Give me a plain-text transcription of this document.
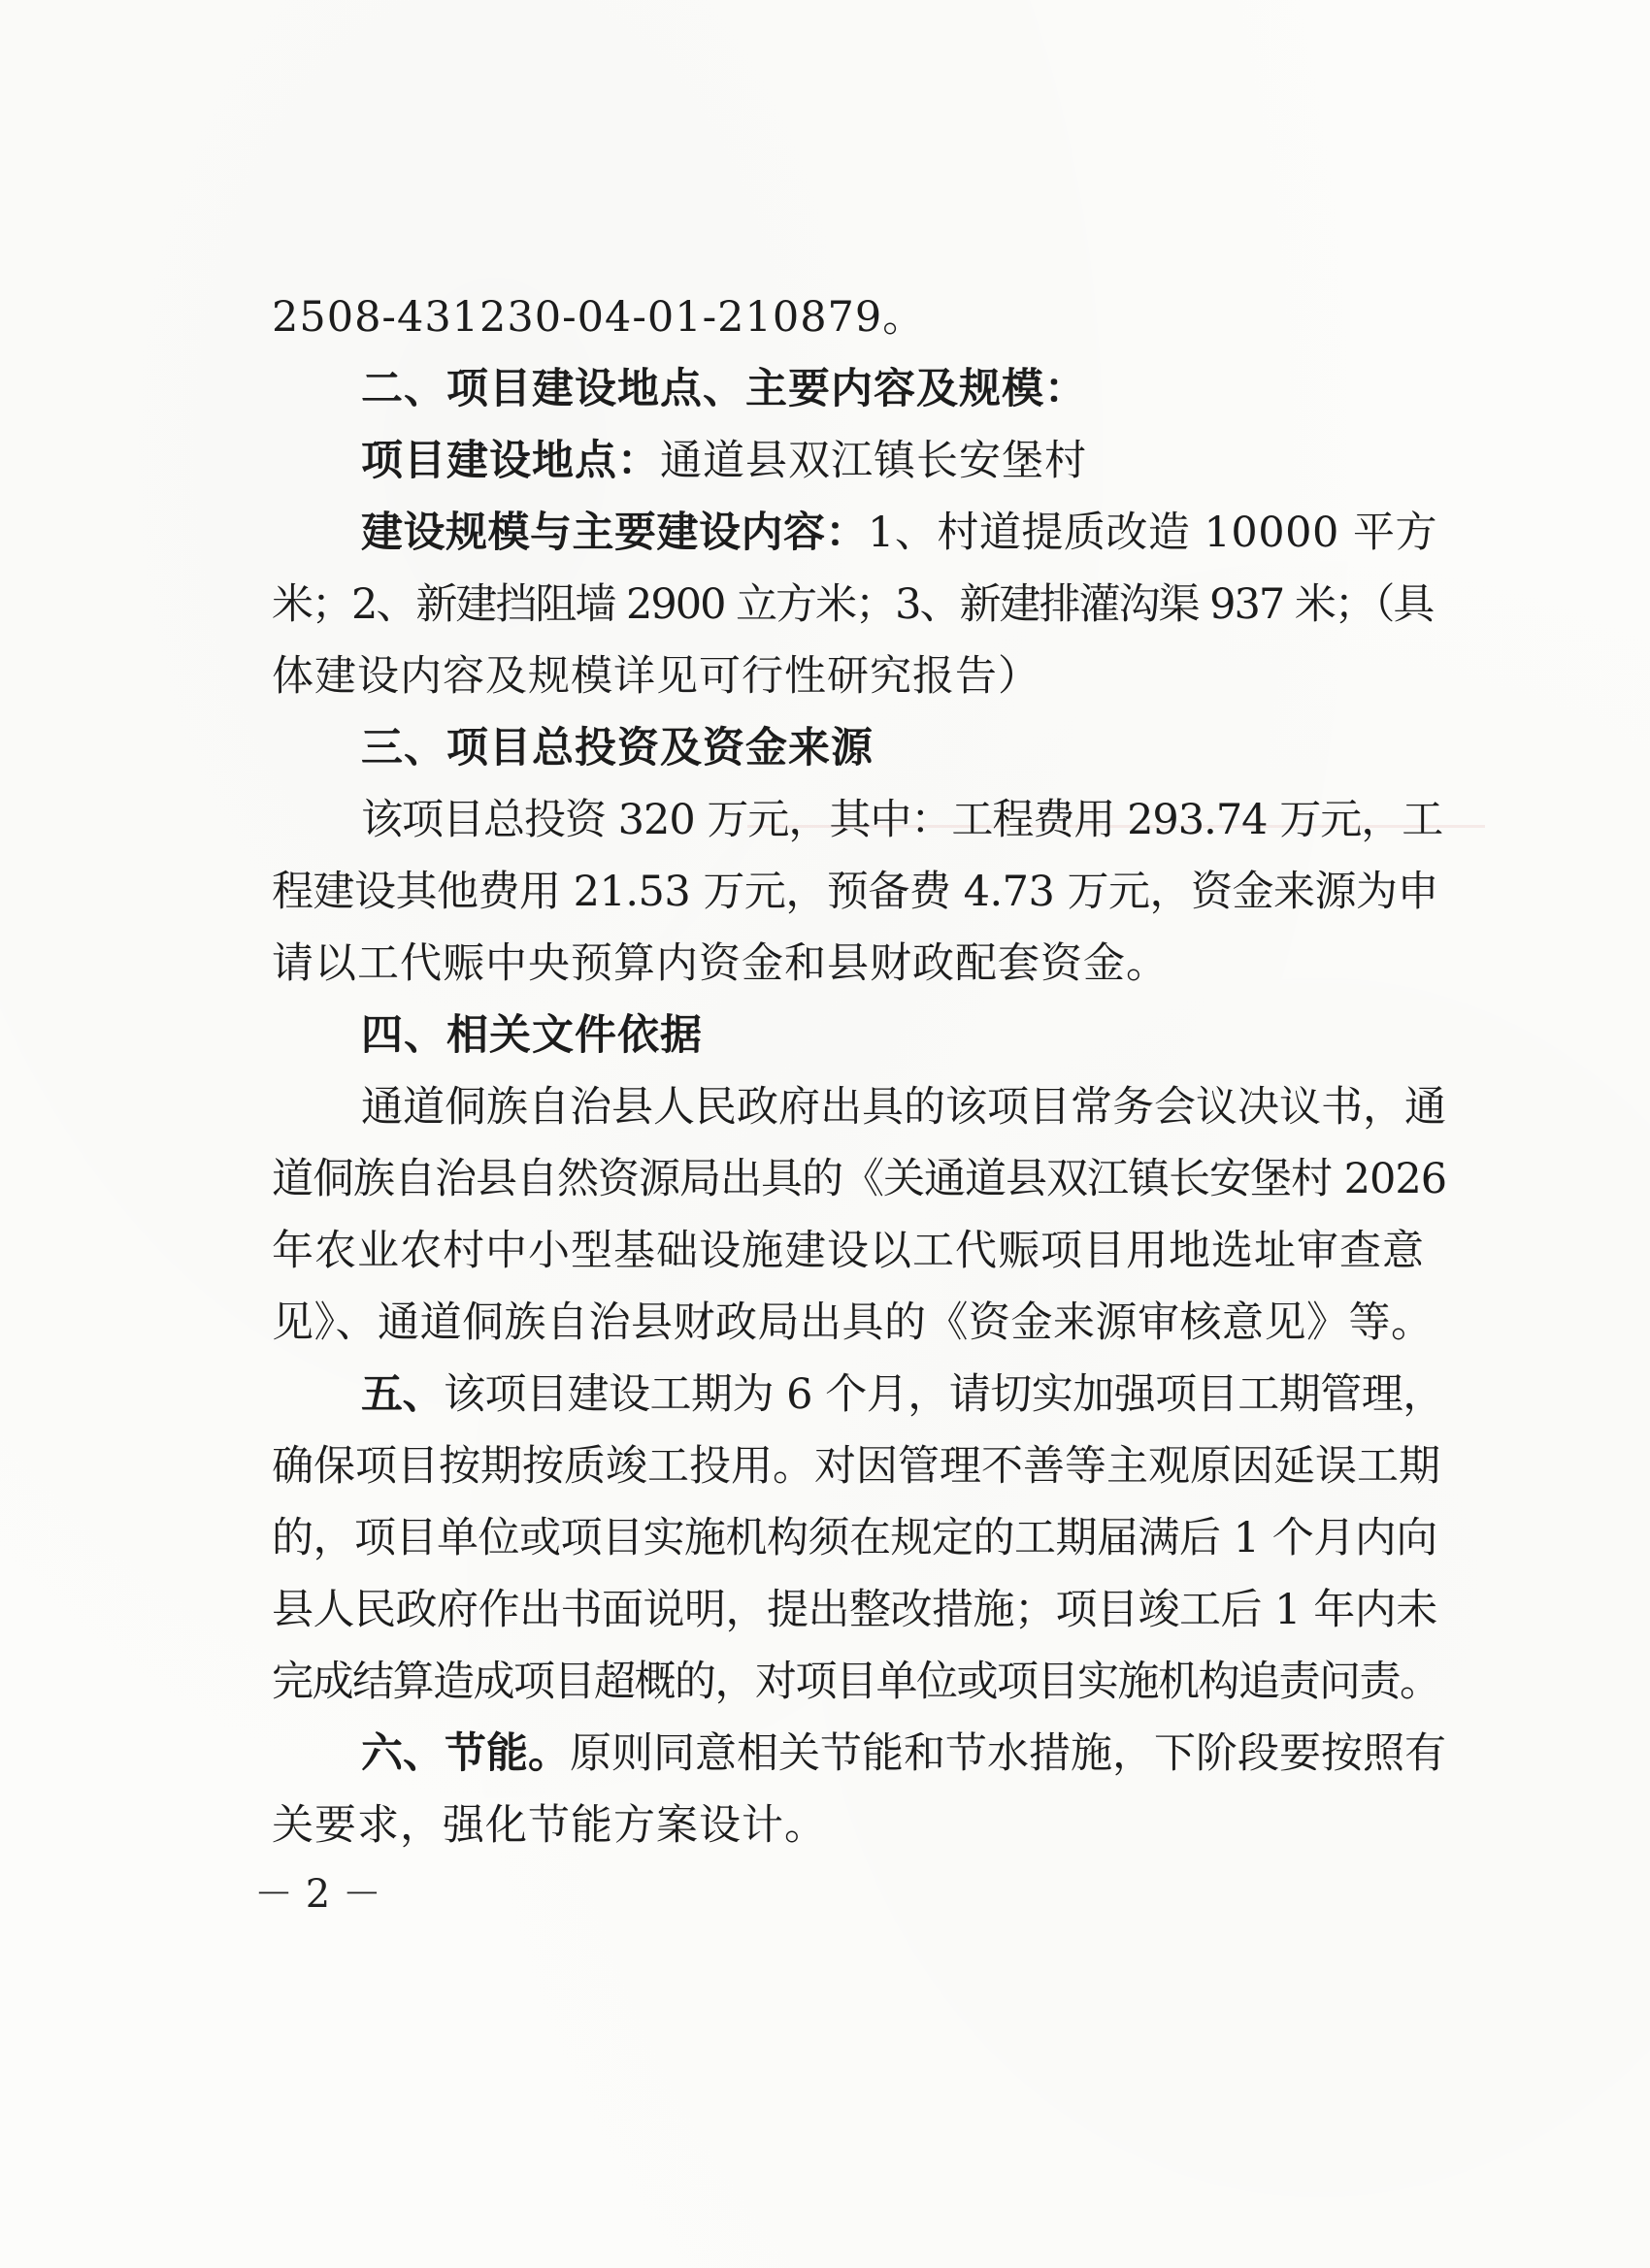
2508-431230-04-01-210879。
二、项目建设地点、主要内容及规模：
项目建设地点：通道县双江镇长安堡村
建设规模与主要建设内容：1、村道提质改造 10000 平方
米；2、新建挡阻墙 2900 立方米；3、新建排灌沟渠 937 米；（具
体建设内容及规模详见可行性研究报告）
三、项目总投资及资金来源
该项目总投资 320 万元，其中：工程费用 293.74 万元，工
程建设其他费用 21.53 万元，预备费 4.73 万元，资金来源为申
请以工代赈中央预算内资金和县财政配套资金。
四、相关文件依据
通道侗族自治县人民政府出具的该项目常务会议决议书，通
道侗族自治县自然资源局出具的《关通道县双江镇长安堡村 2026
年农业农村中小型基础设施建设以工代赈项目用地选址审查意
见》、通道侗族自治县财政局出具的《资金来源审核意见》等。
五、该项目建设工期为 6 个月，请切实加强项目工期管理，
确保项目按期按质竣工投用。对因管理不善等主观原因延误工期
的，项目单位或项目实施机构须在规定的工期届满后 1 个月内向
县人民政府作出书面说明，提出整改措施；项目竣工后 1 年内未
完成结算造成项目超概的，对项目单位或项目实施机构追责问责。
六、节能。原则同意相关节能和节水措施，下阶段要按照有
关要求，强化节能方案设计。
－ 2 －
